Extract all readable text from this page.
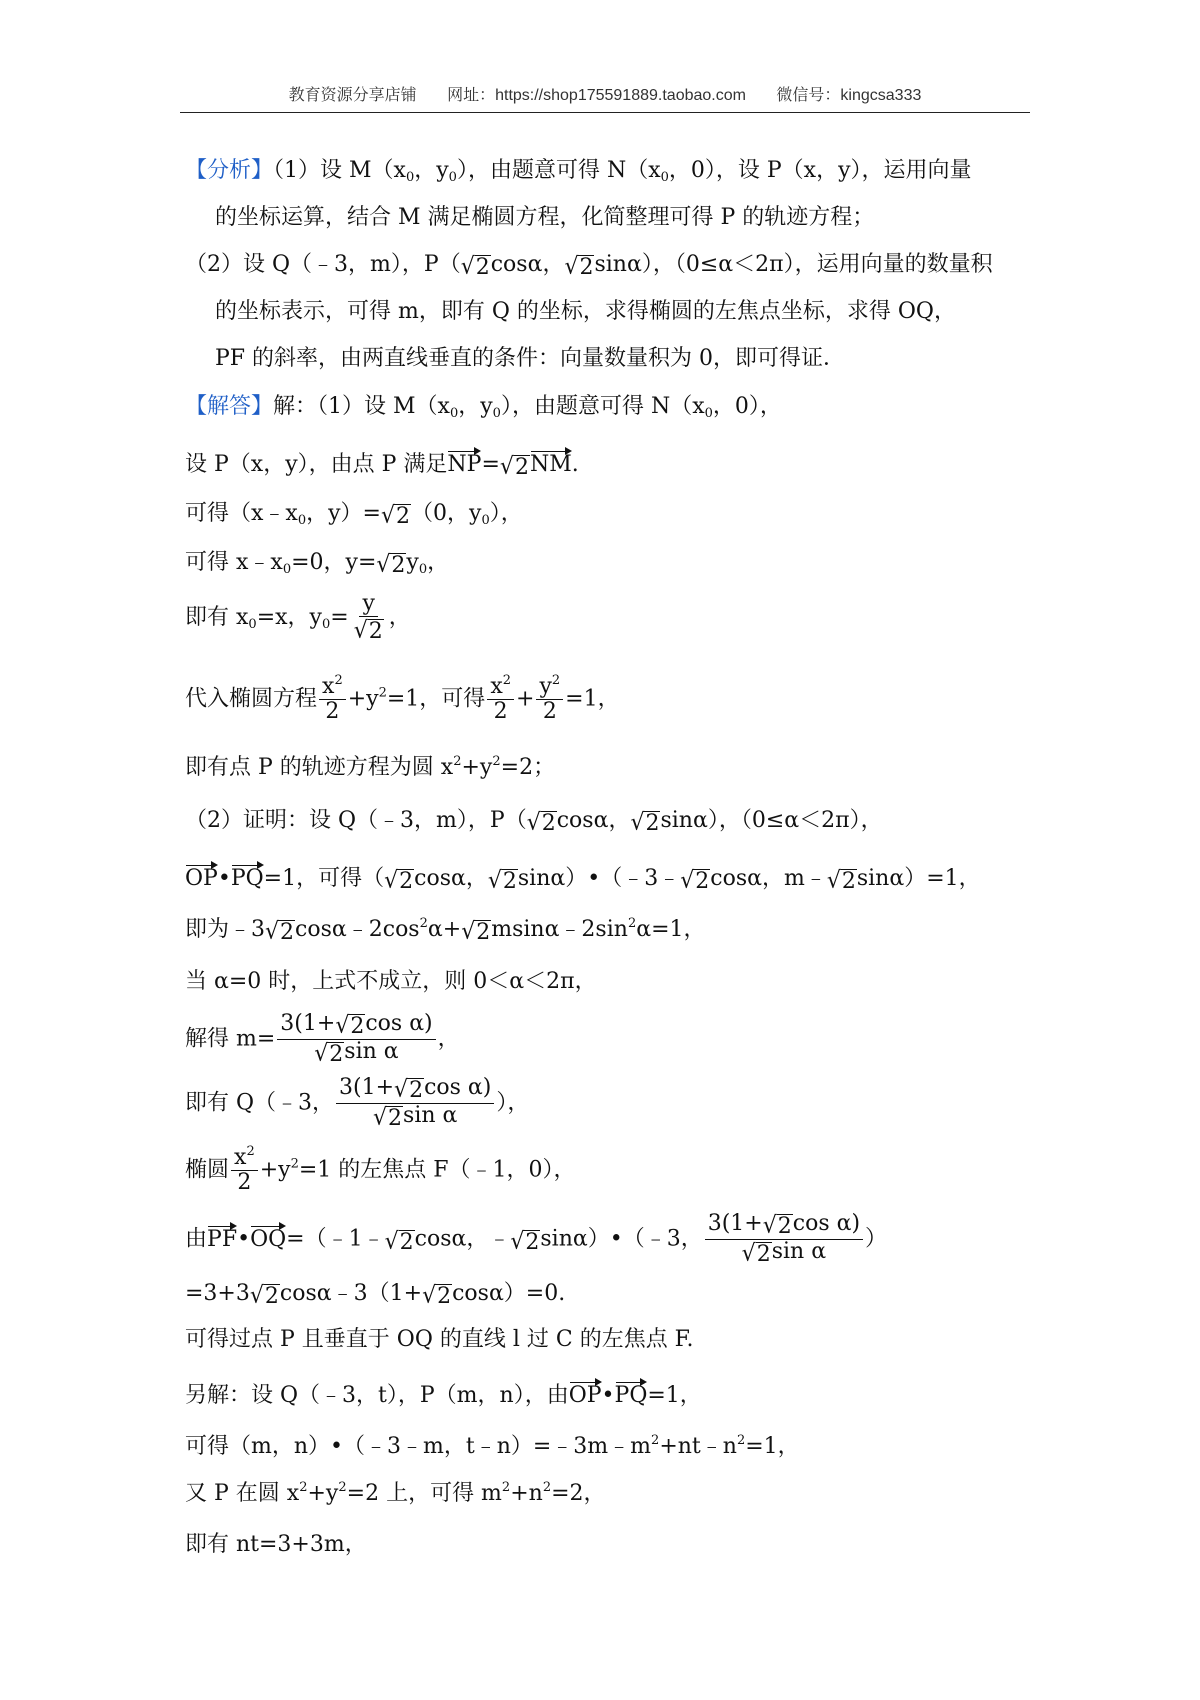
教育资源分享店铺 网址：https://shop175591889.taobao.com 微信号：kingcsa333
【分析】（1）设 $M(x_0$，$y_0$），由题意可得 $N(x_0$，0），设 P（x，y），运用向量
的坐标运算，结合 M 满足椭圆方程，化简整理可得 P 的轨迹方程；
（2）设 Q（﹣3，m），P（ √ 2 cosα， √ 2 sinα），（0≤α＜2π），运用向量的数量积
的坐标表示，可得 m，即有 Q 的坐标，求得椭圆的左焦点坐标，求得 OQ，
PF 的斜率，由两直线垂直的条件：向量数量积为 0，即可得证．
【解答】解：（1）设 $M(x_0$，$y_0$），由题意可得 $N(x_0$，0），
设 P（x，y），由点 P 满足NP= √ 2 NM.
可得（$x﹣x_0$，y）= √ 2 （0，$y_0$），
可得 $x﹣x_0=0$，y= √ 2 $y_0$，
即有 $x_0=x$，$y_0= \frac{y}{√ 2}$ ，
代入椭圆方程 $\frac{x^2}{2} +y^2=1$，可得 $\frac{x^2}{2} + \frac{y^2}{2} =1$，
即有点 P 的轨迹方程为圆 $x^2+y^2=2$；
（2）证明：设 Q（﹣3，m），P（ √ 2 cosα， √ 2 sinα），（0≤α＜2π），
OP•PQ=1，可得（ √ 2 cosα， √ 2 sinα）•（﹣3﹣ √ 2 cosα，m﹣ √ 2 sinα）=1，
即为﹣3 √ 2 $\cos\alpha﹣2\cos^2\alpha+$ √ 2 $msin\alpha﹣2\sin^2\alpha=1$，
当 α=0 时，上式不成立，则 0＜α＜2π，
解得 $m= \frac{\text{3(1+ √ 2 cos α)}}{\text{√ 2 sin α}}$ ，
即有 Q（﹣3， $\frac{\text{3(1+ √ 2 cos α)}}{\text{√ 2 sin α}}$ ），
椭圆 $\frac{x^2}{2} +y^2=1$ 的左焦点 F（﹣1，0），
由PF•OQ=（﹣1﹣ √ 2 cosα，﹣ √ 2 sinα）•（﹣3， $\frac{\text{3(1+ √ 2 cos α)}}{\text{√ 2 sin α}}$ ）
=3+3 √ 2 cosα﹣3（1+ √ 2 cosα）=0.
可得过点 P 且垂直于 OQ 的直线 l 过 C 的左焦点 F.
另解：设 Q（﹣3，t），P（m，n），由OP•PQ=1，
可得（m，n）•（﹣3﹣m，$t﹣n)=﹣3m﹣m^2+nt﹣n^2=1$，
又 P 在圆 $x^2+y^2=2$ 上，可得 $m^2+n^2=2$，
即有 nt=3+3m，
